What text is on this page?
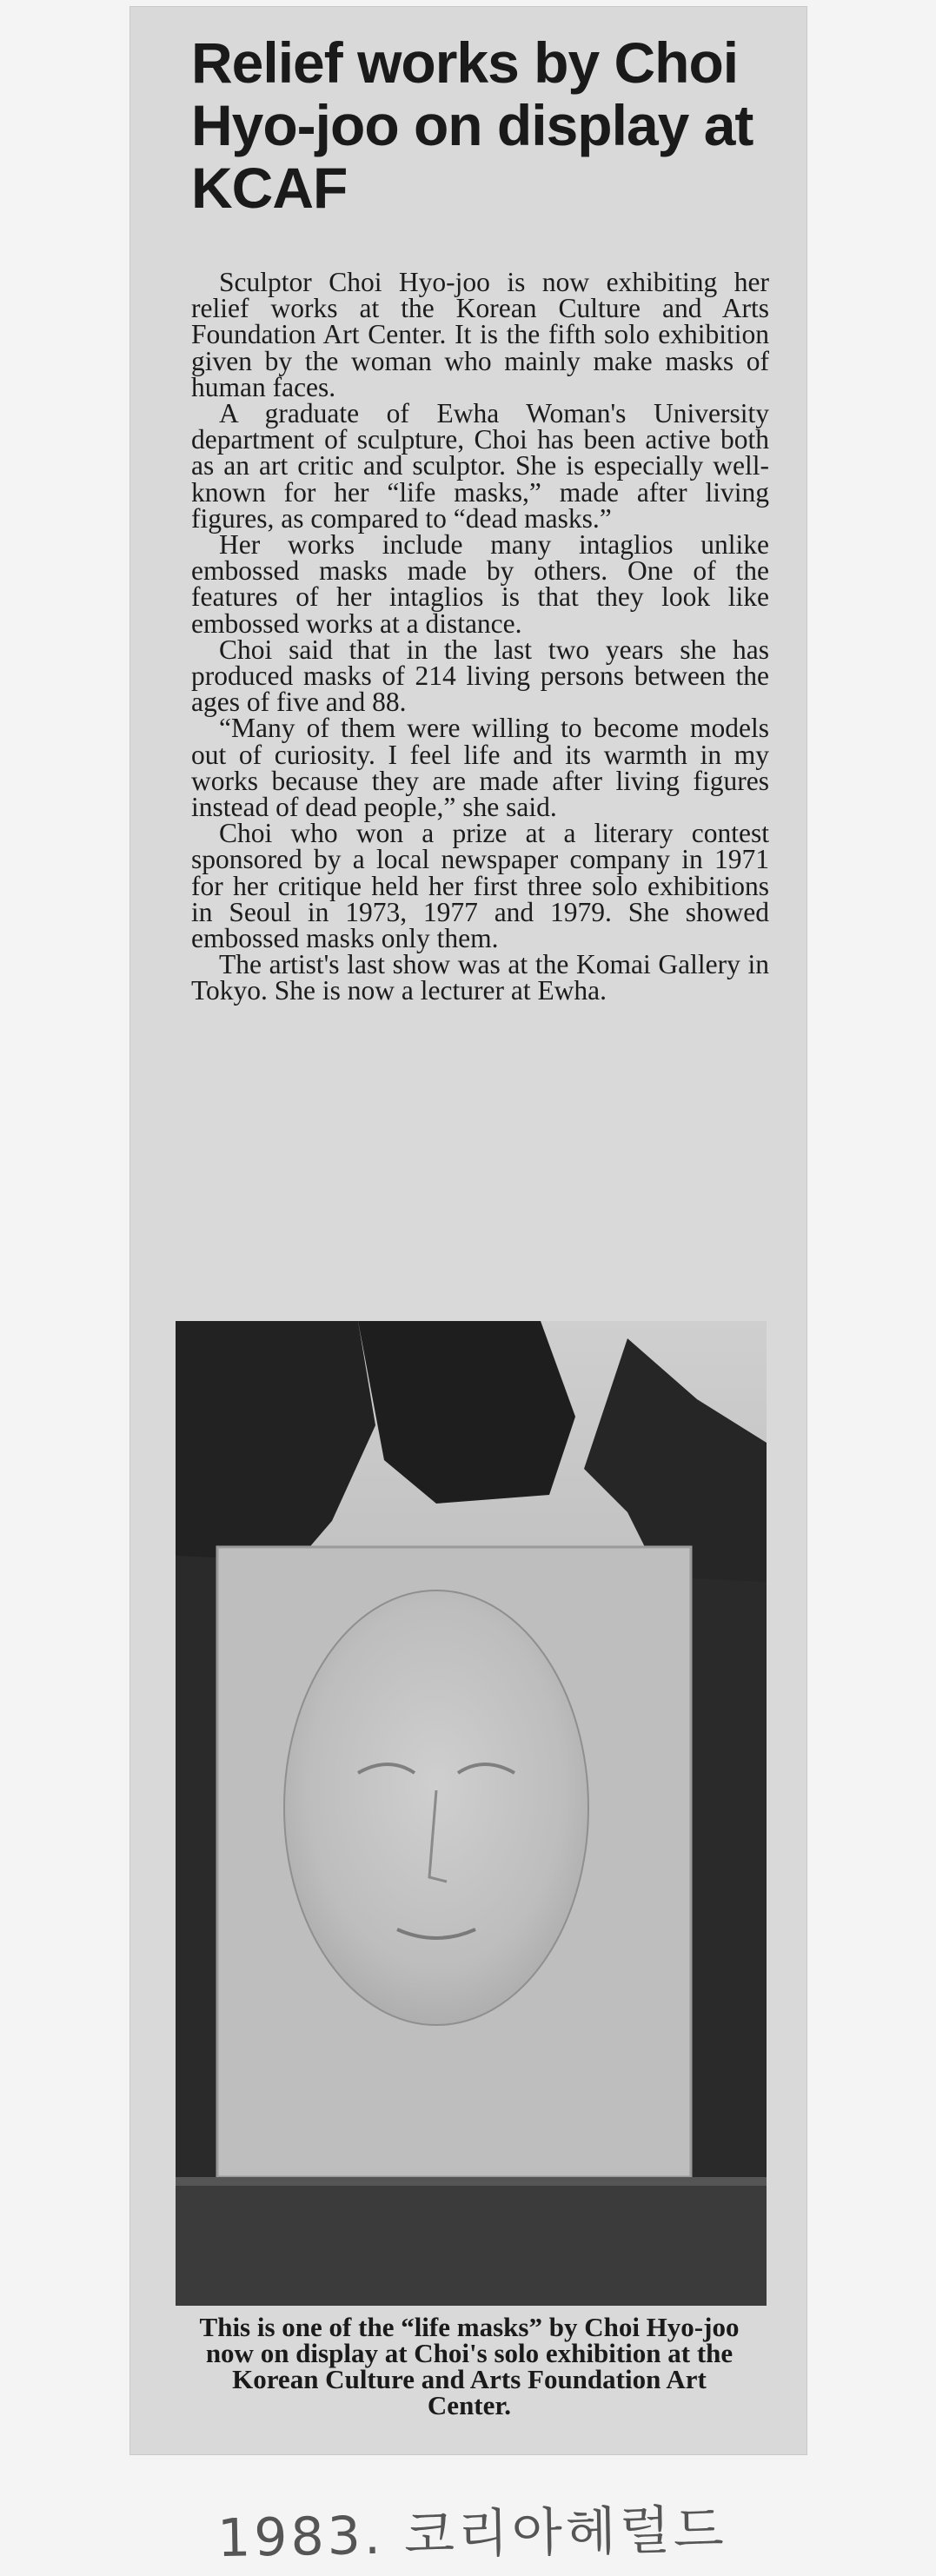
Relief works by Choi Hyo-joo on display at KCAF

Sculptor Choi Hyo-joo is now exhibiting her relief works at the Korean Culture and Arts Foundation Art Center. It is the fifth solo exhibition given by the woman who mainly make masks of human faces.

A graduate of Ewha Woman's University department of sculpture, Choi has been active both as an art critic and sculptor. She is especially well-known for her “life masks,” made after living figures, as compared to “dead masks.”

Her works include many intaglios unlike embossed masks made by others. One of the features of her intaglios is that they look like embossed works at a distance.

Choi said that in the last two years she has produced masks of 214 living persons between the ages of five and 88.

“Many of them were willing to become models out of curiosity. I feel life and its warmth in my works because they are made after living figures instead of dead people,” she said.

Choi who won a prize at a literary contest sponsored by a local newspaper company in 1971 for her critique held her first three solo exhibitions in Seoul in 1973, 1977 and 1979. She showed embossed masks only them.

The artist's last show was at the Komai Gallery in Tokyo. She is now a lecturer at Ewha.

This is one of the “life masks” by Choi Hyo-joo now on display at Choi's solo exhibition at the Korean Culture and Arts Foundation Art Center.
1983. 코리아헤럴드
